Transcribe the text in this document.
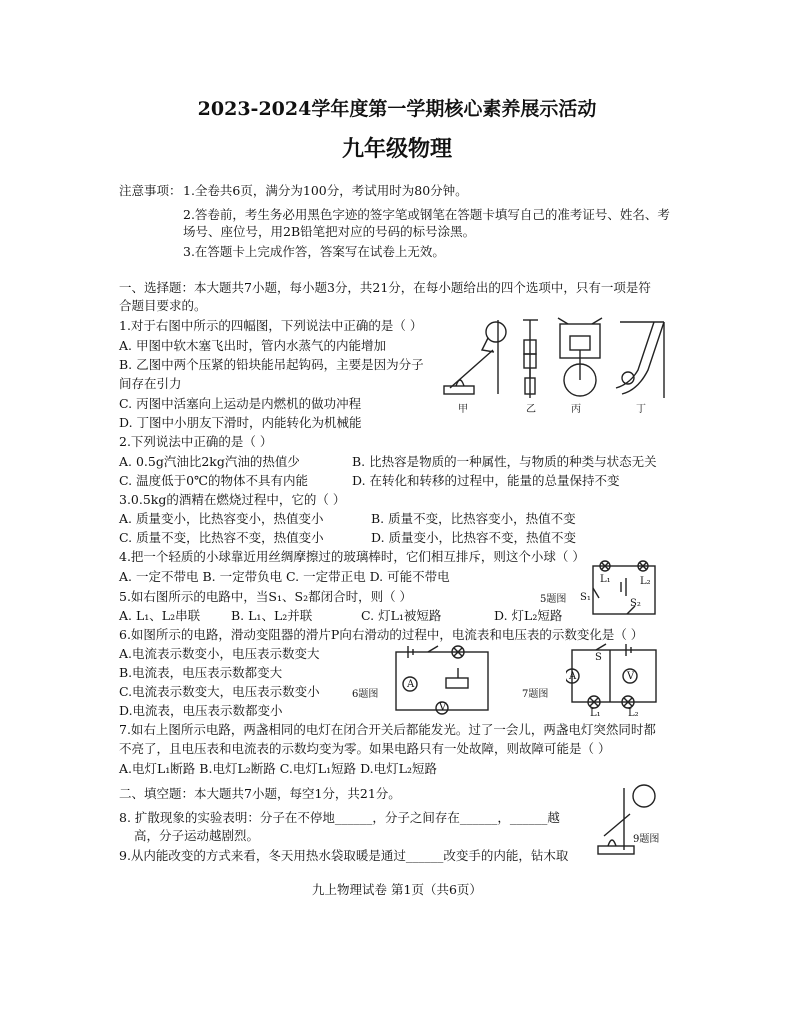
2023-2024学年度第一学期核心素养展示活动
九年级物理
注意事项： 1.全卷共6页，满分为100分，考试用时为80分钟。
2.答卷前，考生务必用黑色字迹的签字笔或钢笔在答题卡填写自己的准考证号、姓名、考
场号、座位号，用2B铅笔把对应的号码的标号涂黑。
3.在答题卡上完成作答，答案写在试卷上无效。
一、选择题：本大题共7小题，每小题3分，共21分，在每小题给出的四个选项中，只有一项是符
合题目要求的。
1.对于右图中所示的四幅图，下列说法中正确的是（ ）
A. 甲图中软木塞飞出时，管内水蒸气的内能增加
B. 乙图中两个压紧的铅块能吊起钩码，主要是因为分子
间存在引力
C. 丙图中活塞向上运动是内燃机的做功冲程
D. 丁图中小朋友下滑时，内能转化为机械能
甲	乙	丙	丁
2.下列说法中正确的是（ ）
A. 0.5g汽油比2kg汽油的热值少	B. 比热容是物质的一种属性，与物质的种类与状态无关
C. 温度低于0℃的物体不具有内能	D. 在转化和转移的过程中，能量的总量保持不变
3.0.5kg的酒精在燃烧过程中，它的（ ）
A. 质量变小，比热容变小，热值变小	B. 质量不变，比热容变小，热值不变
C. 质量不变，比热容不变，热值变小	D. 质量变小，比热容不变，热值不变
4.把一个轻质的小球靠近用丝绸摩擦过的玻璃棒时，它们相互排斥，则这个小球（ ）
A. 一定不带电 B. 一定带负电 C. 一定带正电 D. 可能不带电
5.如右图所示的电路中，当S₁、S₂都闭合时，则（ ）	5题图
A. L₁、L₂串联 B. L₁、L₂并联	C. 灯L₁被短路	D. 灯L₂短路
L₁	L₂
S₁
S₂
6.如图所示的电路，滑动变阻器的滑片P向右滑动的过程中，电流表和电压表的示数变化是（ ）
A.电流表示数变小，电压表示数变大
B.电流表，电压表示数都变大
C.电流表示数变大，电压表示数变小
D.电流表，电压表示数都变小
A
V
6题图
S
A	V
L₁	L₂
7题图
7.如右上图所示电路，两盏相同的电灯在闭合开关后都能发光。过了一会儿，两盏电灯突然同时都
不亮了，且电压表和电流表的示数均变为零。如果电路只有一处故障，则故障可能是（ ）
A.电灯L₁断路 B.电灯L₂断路 C.电灯L₁短路 D.电灯L₂短路
二、填空题：本大题共7小题，每空1分，共21分。
8. 扩散现象的实验表明：分子在不停地______，分子之间存在______，______越
高，分子运动越剧烈。	9题图
9.从内能改变的方式来看，冬天用热水袋取暖是通过______改变手的内能，钻木取
九上物理试卷 第1页（共6页）
